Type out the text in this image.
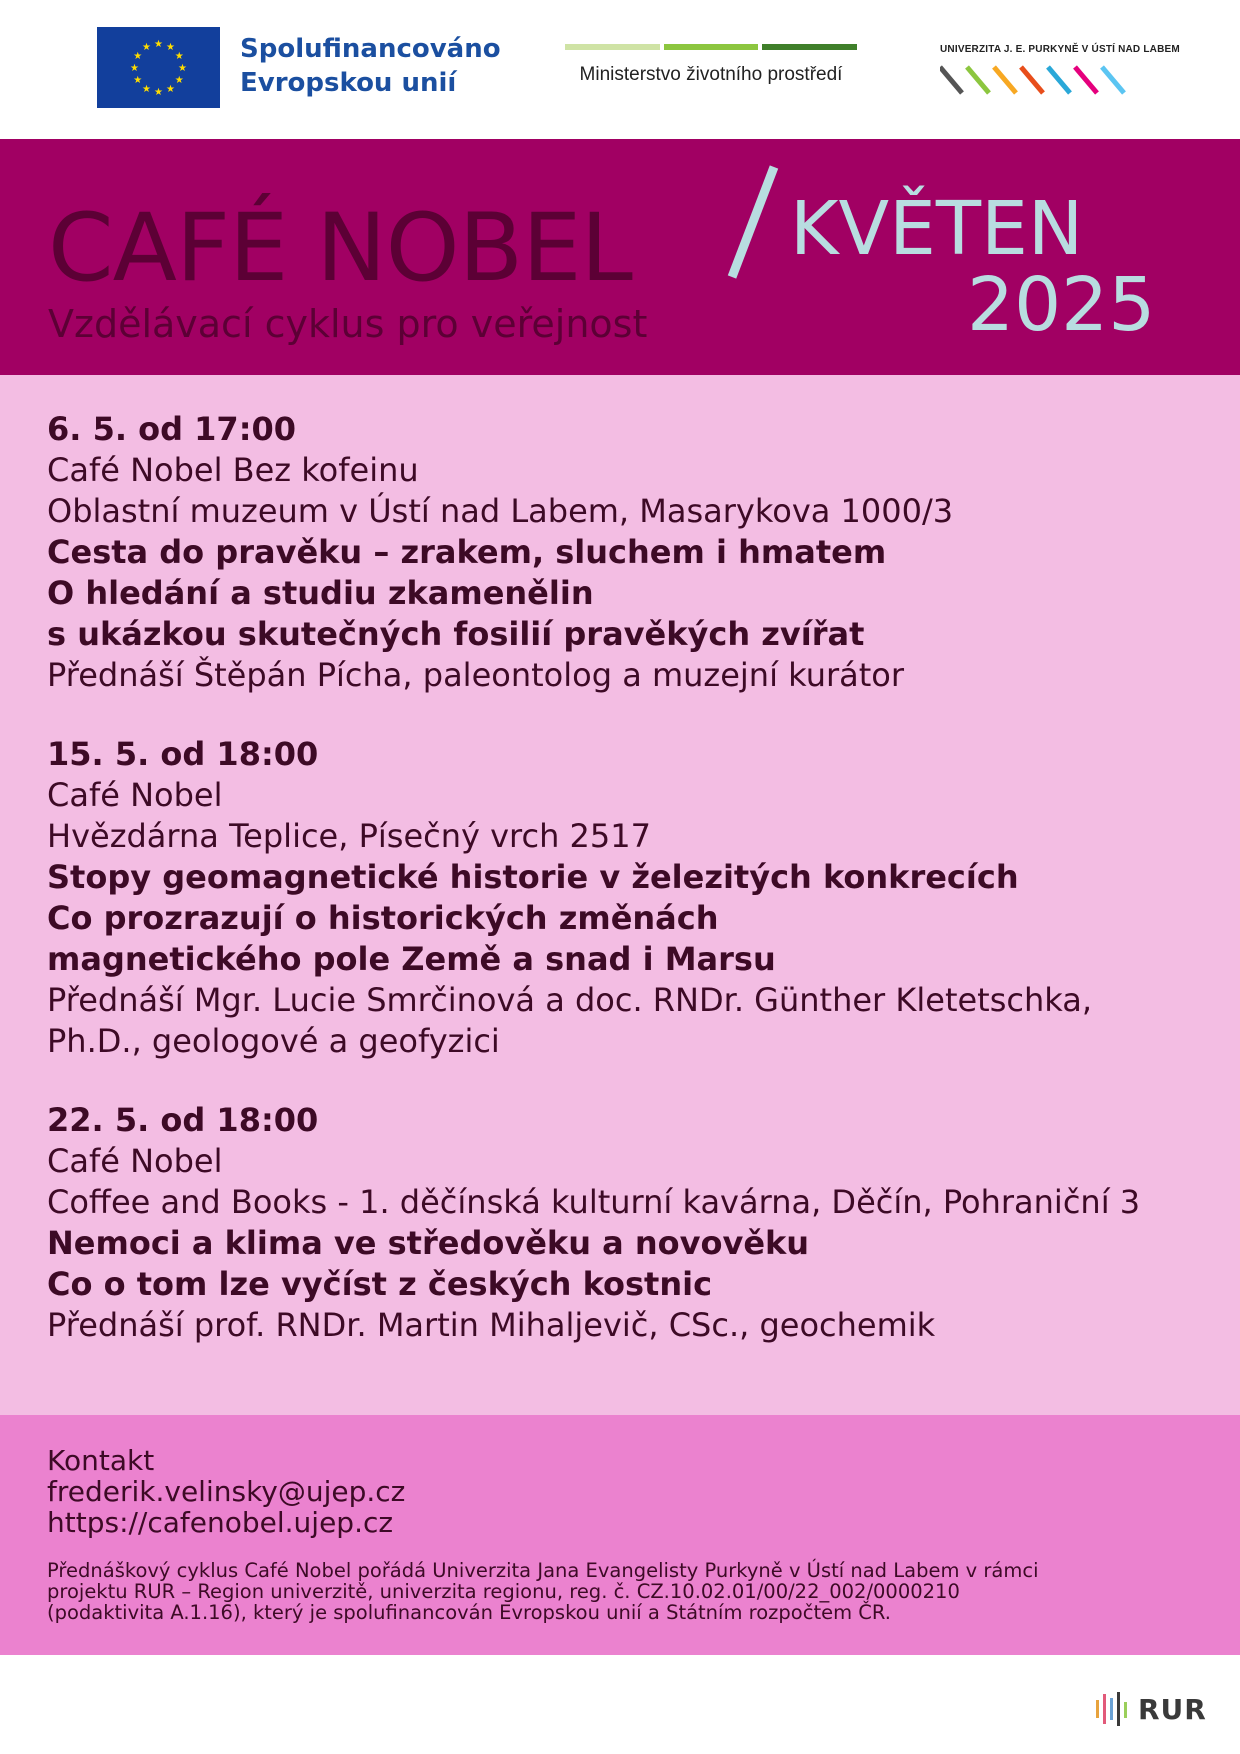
★ ★
★
★
★
★
★
★
★
★
★
★	Spolufinancováno
Evropskou unií	Ministerstvo životního prostředí
UNIVERZITA J. E. PURKYNĚ V ÚSTÍ NAD LABEM
CAFÉ NOBEL
Vzdělávací cyklus pro veřejnost
KVĚTEN
2025
6. 5. od 17:00
Café Nobel Bez kofeinu
Oblastní muzeum v Ústí nad Labem, Masarykova 1000/3
Cesta do pravěku – zrakem, sluchem i hmatem
O hledání a studiu zkamenělin
s ukázkou skutečných fosilií pravěkých zvířat
Přednáší Štěpán Pícha, paleontolog a muzejní kurátor
15. 5. od 18:00
Café Nobel
Hvězdárna Teplice, Písečný vrch 2517
Stopy geomagnetické historie v železitých konkrecích
Co prozrazují o historických změnách
magnetického pole Země a snad i Marsu
Přednáší Mgr. Lucie Smrčinová a doc. RNDr. Günther Kletetschka,
Ph.D., geologové a geofyzici
22. 5. od 18:00
Café Nobel
Coffee and Books - 1. děčínská kulturní kavárna, Děčín, Pohraniční 3
Nemoci a klima ve středověku a novověku
Co o tom lze vyčíst z českých kostnic
Přednáší prof. RNDr. Martin Mihaljevič, CSc., geochemik
Kontakt
frederik.velinsky@ujep.cz
https://cafenobel.ujep.cz
Přednáškový cyklus Café Nobel pořádá Univerzita Jana Evangelisty Purkyně v Ústí nad Labem v rámci
projektu RUR – Region univerzitě, univerzita regionu, reg. č. CZ.10.02.01/00/22_002/0000210
(podaktivita A.1.16), který je spolufinancován Evropskou unií a Státním rozpočtem ČR.
RUR
